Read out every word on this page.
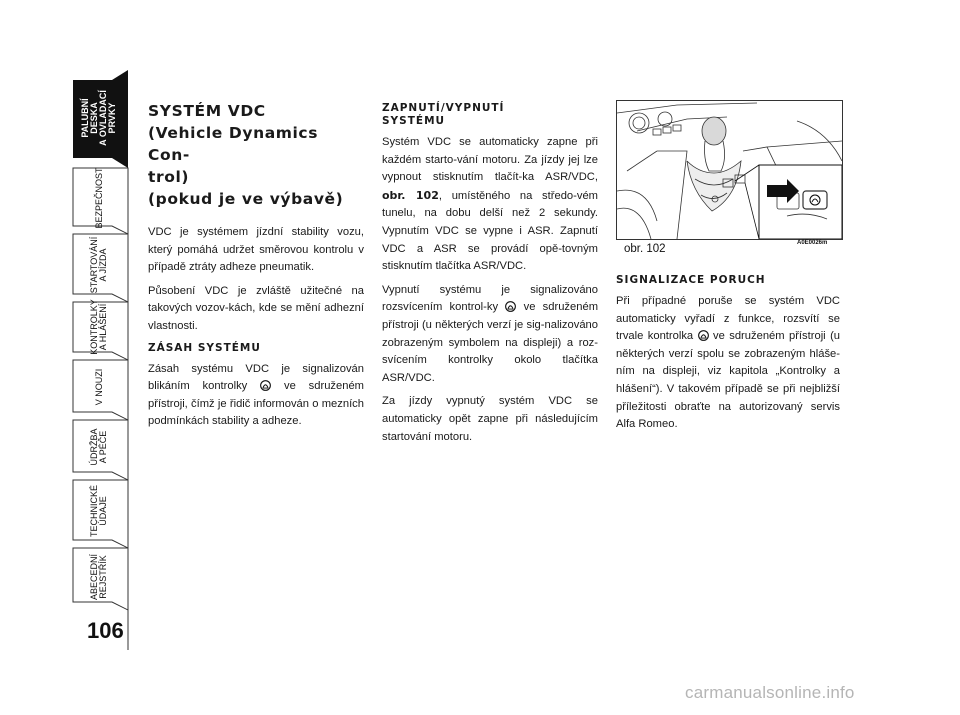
PALUBNÍ DESKA
A OVLADACÍ PRVKY
BEZPEČNOST
STARTOVÁNÍ
A JÍZDA
KONTROLKY
A HLÁŠENÍ
V NOUZI
ÚDRŽBA
A PÉČE
TECHNICKÉ ÚDAJE
ABECEDNÍ
REJSTŘÍK
106
SYSTÉM VDC
(Vehicle Dynamics Con-
trol)
(pokud je ve výbavě)

VDC je systémem jízdní stability vozu, který pomáhá udržet směrovou kontrolu v případě ztráty adheze pneumatik.

Působení VDC je zvláště užitečné na takových vozov-kách, kde se mění adhezní vlastnosti.

ZÁSAH SYSTÉMU

Zásah systému VDC je signalizován blikáním kontrolky	ve sdruženém přístroji, čímž je řidič informován o mezních podmínkách stability a adheze.

ZAPNUTÍ/VYPNUTÍ
SYSTÉMU

Systém VDC se automaticky zapne při každém starto-vání motoru. Za jízdy jej lze vypnout stisknutím tlačít-ka ASR/VDC, obr. 102, umístěného na středo-vém tunelu, na dobu delší než 2 sekundy. Vypnutím VDC se vypne i ASR. Zapnutí VDC a ASR se provádí opě-tovným stisknutím tlačítka ASR/VDC.

Vypnutí systému je signalizováno rozsvícením kontrol-ky ve sdruženém přístroji (u některých verzí je sig-nalizováno zobrazeným symbolem na displeji) a roz-svícením kontrolky okolo tlačítka ASR/VDC.

Za jízdy vypnutý systém VDC se automaticky opět zapne při následujícím startování motoru.

A0E0026m
obr. 102
SIGNALIZACE PORUCH

Při případné poruše se systém VDC automaticky vyřadí z funkce, rozsvítí se trvale kontrolka ve sdruženém přístroji (u některých verzí spolu se zobrazeným hláše-ním na displeji, viz kapitola „Kontrolky a hlášení“). V takovém případě se při nejbližší příležitosti obraťte na autorizovaný servis Alfa Romeo.

carmanualsonline.info
